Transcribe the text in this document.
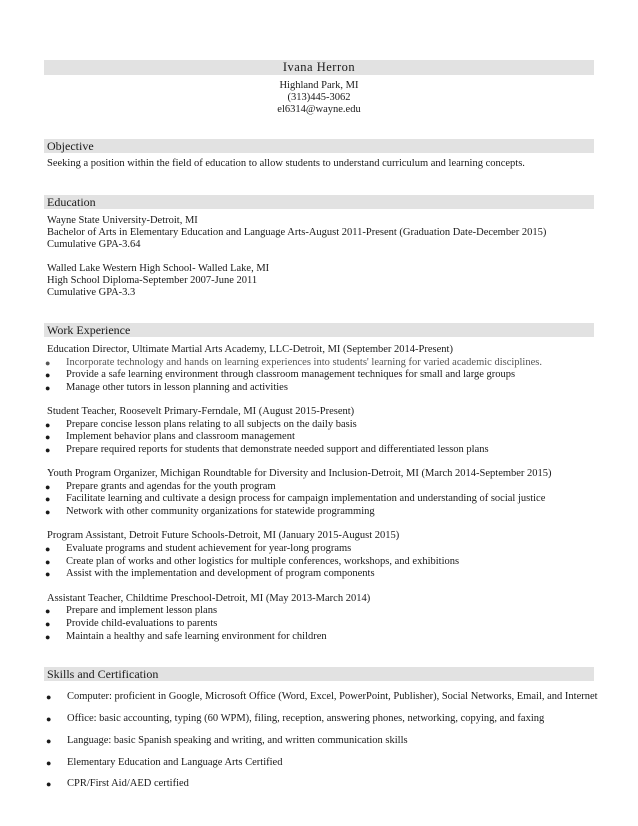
Ivana Herron
Highland Park, MI
(313)445-3062
el6314@wayne.edu
Objective
Seeking a position within the field of education to allow students to understand curriculum and learning concepts.
Education
Wayne State University-Detroit, MI
Bachelor of Arts in Elementary Education and Language Arts-August 2011-Present (Graduation Date-December 2015)
Cumulative GPA-3.64
Walled Lake Western High School- Walled Lake, MI
High School Diploma-September 2007-June 2011
Cumulative GPA-3.3
Work Experience
Education Director, Ultimate Martial Arts Academy, LLC-Detroit, MI (September 2014-Present)
● Incorporate technology and hands on learning experiences into students' learning for varied academic disciplines.
● Provide a safe learning environment through classroom management techniques for small and large groups
● Manage other tutors in lesson planning and activities
Student Teacher, Roosevelt Primary-Ferndale, MI (August 2015-Present)
● Prepare concise lesson plans relating to all subjects on the daily basis
● Implement behavior plans and classroom management
● Prepare required reports for students that demonstrate needed support and differentiated lesson plans
Youth Program Organizer, Michigan Roundtable for Diversity and Inclusion-Detroit, MI (March 2014-September 2015)
● Prepare grants and agendas for the youth program
● Facilitate learning and cultivate a design process for campaign implementation and understanding of social justice
● Network with other community organizations for statewide programming
Program Assistant, Detroit Future Schools-Detroit, MI (January 2015-August 2015)
● Evaluate programs and student achievement for year-long programs
● Create plan of works and other logistics for multiple conferences, workshops, and exhibitions
● Assist with the implementation and development of program components
Assistant Teacher, Childtime Preschool-Detroit, MI (May 2013-March 2014)
● Prepare and implement lesson plans
● Provide child-evaluations to parents
● Maintain a healthy and safe learning environment for children
Skills and Certification
● Computer: proficient in Google, Microsoft Office (Word, Excel, PowerPoint, Publisher), Social Networks, Email, and Internet
● Office: basic accounting, typing (60 WPM), filing, reception, answering phones, networking, copying, and faxing
● Language: basic Spanish speaking and writing, and written communication skills
● Elementary Education and Language Arts Certified
● CPR/First Aid/AED certified
